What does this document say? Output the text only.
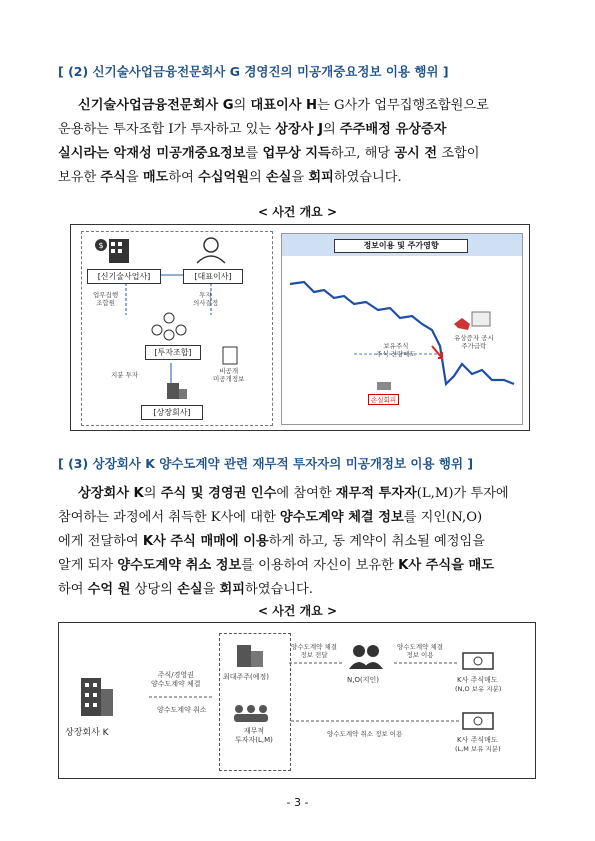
[ (2) 신기술사업금융전문회사 G 경영진의 미공개중요정보 이용 행위 ]
신기술사업금융전문회사 G의 대표이사 H는 G사가 업무집행조합원으로
운용하는 투자조합 I가 투자하고 있는 상장사 J의 주주배정 유상증자
실시라는 악재성 미공개중요정보를 업무상 지득하고, 해당 공시 전 조합이
보유한 주식을 매도하여 수십억원의 손실을 회피하였습니다.
< 사건 개요 >
$
[신기술사업사]	[대표이사]
업무집행
조합원
투자
의사결정
[투자조합]
지분 투자	비공개
미공개정보
[상장회사]
정보이용 및 주가영향
보유주식
주식 전량매도
손실회피
유상증자 공시
주가급락
[ (3) 상장회사 K 양수도계약 관련 재무적 투자자의 미공개정보 이용 행위 ]
상장회사 K의 주식 및 경영권 인수에 참여한 재무적 투자자(L,M)가 투자에
참여하는 과정에서 취득한 K사에 대한 양수도계약 체결 정보를 지인(N,O)
에게 전달하여 K사 주식 매매에 이용하게 하고, 동 계약이 취소될 예정임을
알게 되자 양수도계약 취소 정보를 이용하여 자신이 보유한 K사 주식을 매도
하여 수억 원 상당의 손실을 회피하였습니다.
< 사건 개요 >
상장회사 K
주식/경영권
양수도계약 체결
양수도계약 취소
최대주주(예정)
재무적
투자자(L,M)
양수도계약 체결
정보 전달
N,O(지인)
양수도계약 체결
정보 이용
K사 주식매도
(N,O 보유 지분)
양수도계약 취소 정보 이용
K사 주식매도
(L,M 보유 지분)
- 3 -
